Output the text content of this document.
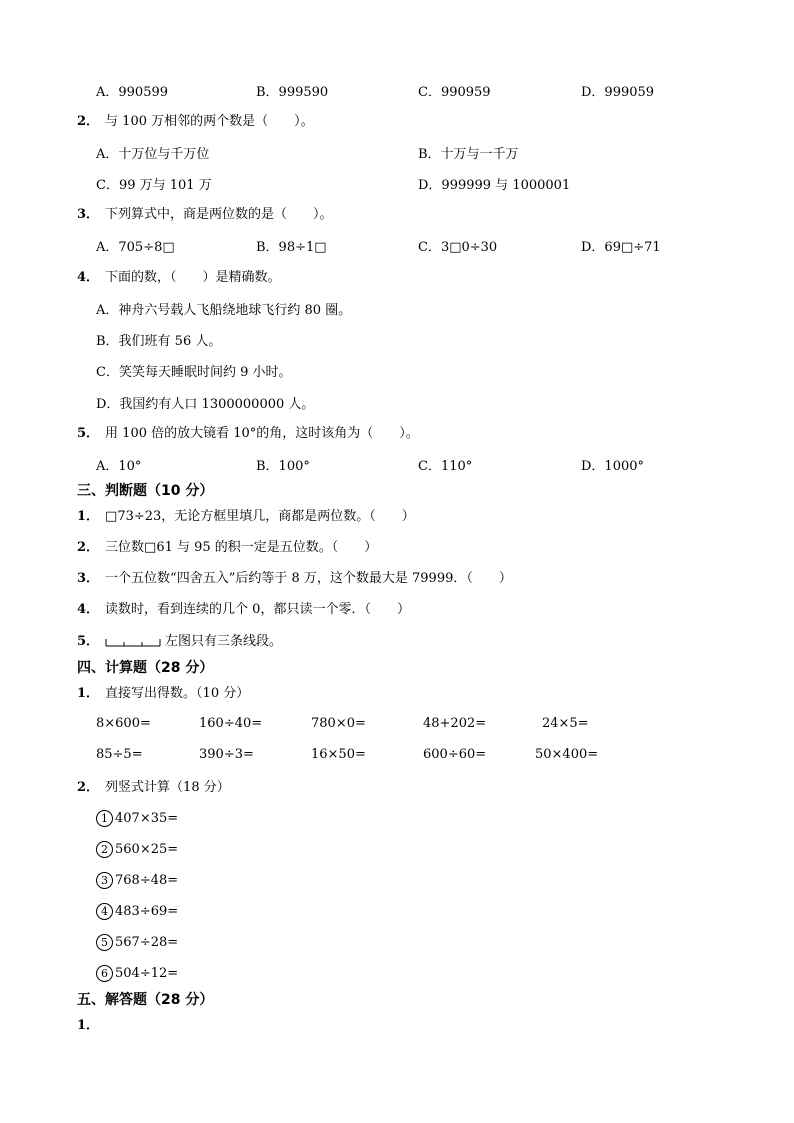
A．990599	B．999590	C．990959	D．999059
2． 与 100 万相邻的两个数是（　　）。
A．十万位与千万位	B．十万与一千万
C．99 万与 101 万	D．999999 与 1000001
3． 下列算式中，商是两位数的是（　　）。
A．705÷8□	B．98÷1□	C．3□0÷30	D．69□÷71
4． 下面的数，（　　）是精确数。
A．神舟六号载人飞船绕地球飞行约 80 圈。
B．我们班有 56 人。
C．笑笑每天睡眠时间约 9 小时。
D．我国约有人口 1300000000 人。
5． 用 100 倍的放大镜看 10°的角，这时该角为（　　）。
A．10°	B．100°	C．110°	D．1000°
三、判断题（10 分）
1． □73÷23，无论方框里填几，商都是两位数。（　　）
2． 三位数□61 与 95 的积一定是五位数。（　　）
3． 一个五位数“四舍五入”后约等于 8 万，这个数最大是 79999．（　　）
4． 读数时，看到连续的几个 0，都只读一个零．（　　）
5．	左图只有三条线段。
四、计算题（28 分）
1． 直接写出得数。（10 分）
8×600=	160÷40=	780×0=	48+202=	24×5=
85÷5=	390÷3=	16×50=	600÷60=	50×400=
2． 列竖式计算（18 分）
1 407×35=
2 560×25=
3 768÷48=
4 483÷69=
5 567÷28=
6 504÷12=
五、解答题（28 分）
1．
